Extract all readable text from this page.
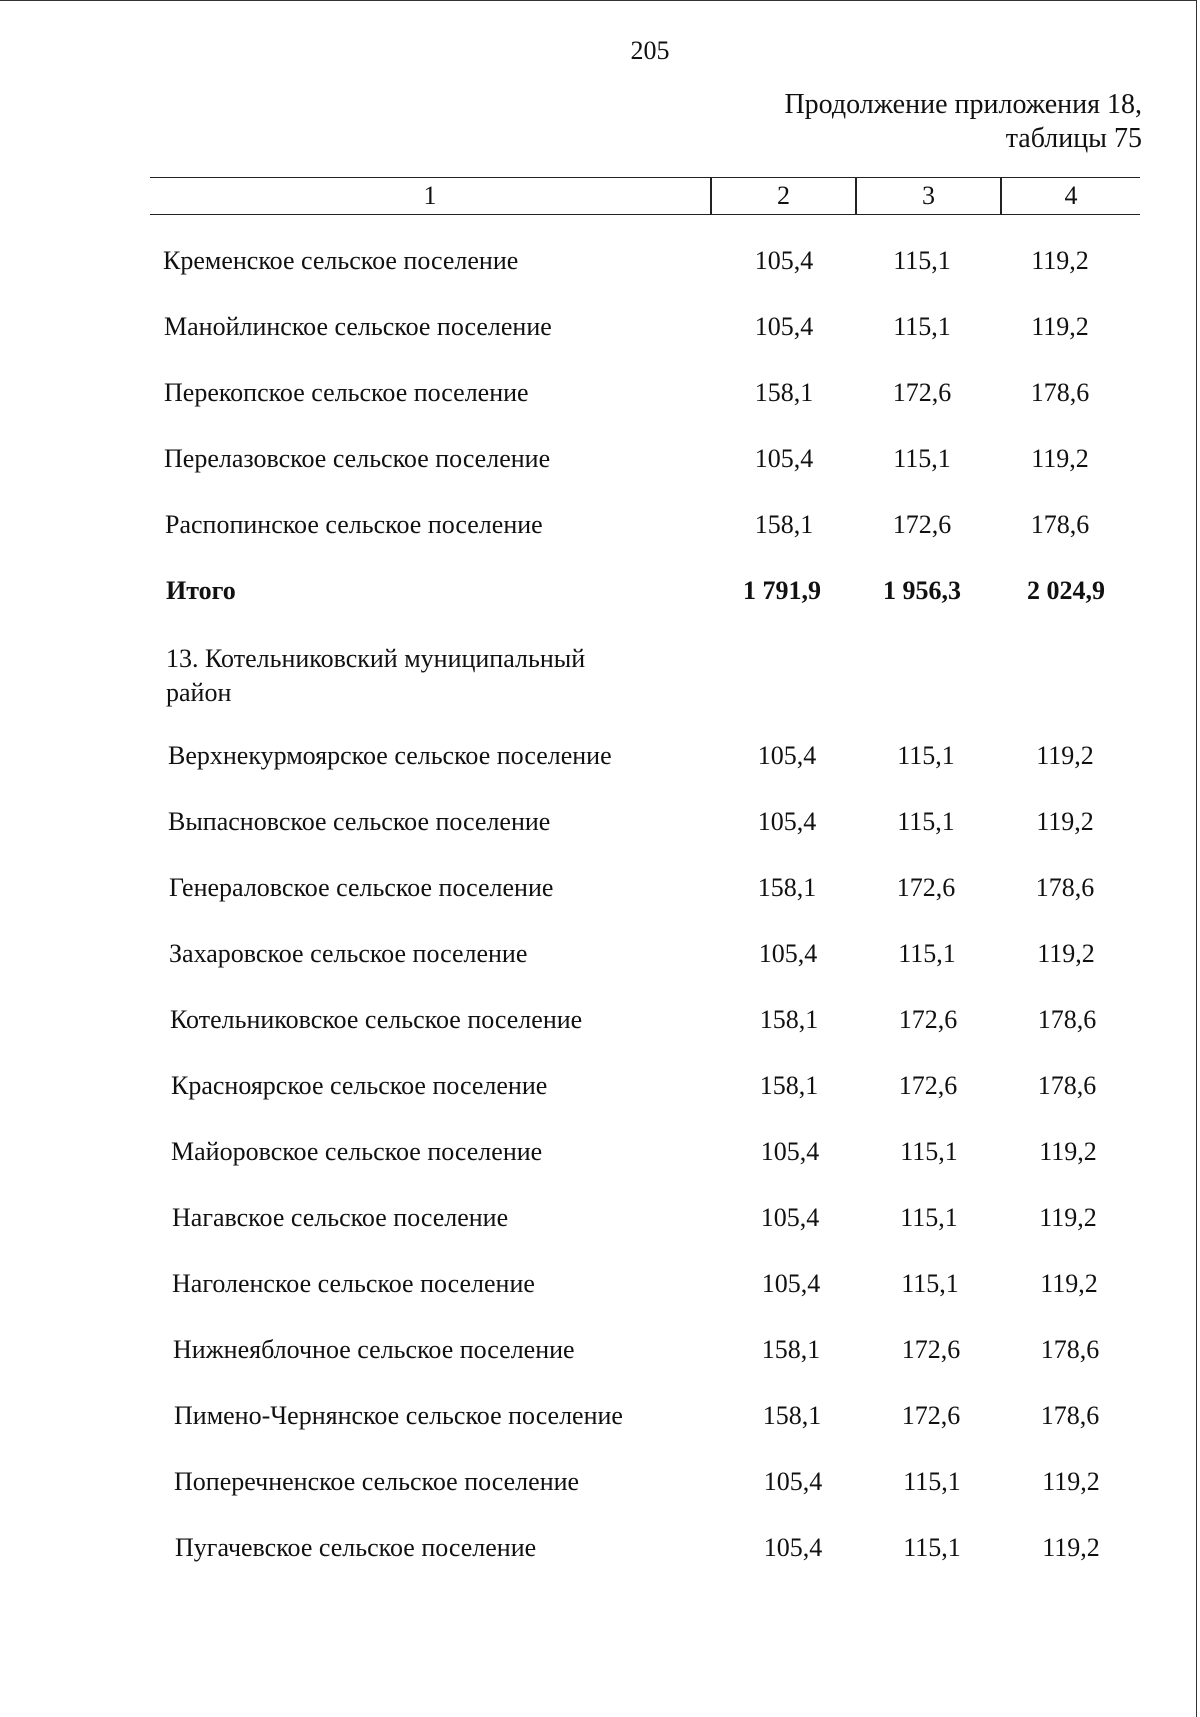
205
Продолжение приложения 18,
таблицы 75
1	2	3	4
Кременское сельское поселение	105,4	115,1	119,2
Манойлинское сельское поселение	105,4	115,1	119,2
Перекопское сельское поселение	158,1	172,6	178,6
Перелазовское сельское поселение	105,4	115,1	119,2
Распопинское сельское поселение	158,1	172,6	178,6
Итого	1 791,9	1 956,3	2 024,9
13. Котельниковский муниципальный
район
Верхнекурмоярское сельское поселение	105,4	115,1	119,2
Выпасновское сельское поселение	105,4	115,1	119,2
Генераловское сельское поселение	158,1	172,6	178,6
Захаровское сельское поселение	105,4	115,1	119,2
Котельниковское сельское поселение	158,1	172,6	178,6
Красноярское сельское поселение	158,1	172,6	178,6
Майоровское сельское поселение	105,4	115,1	119,2
Нагавское сельское поселение	105,4	115,1	119,2
Наголенское сельское поселение	105,4	115,1	119,2
Нижнеяблочное сельское поселение	158,1	172,6	178,6
Пимено-Чернянское сельское поселение	158,1	172,6	178,6
Поперечненское сельское поселение	105,4	115,1	119,2
Пугачевское сельское поселение	105,4	115,1	119,2
